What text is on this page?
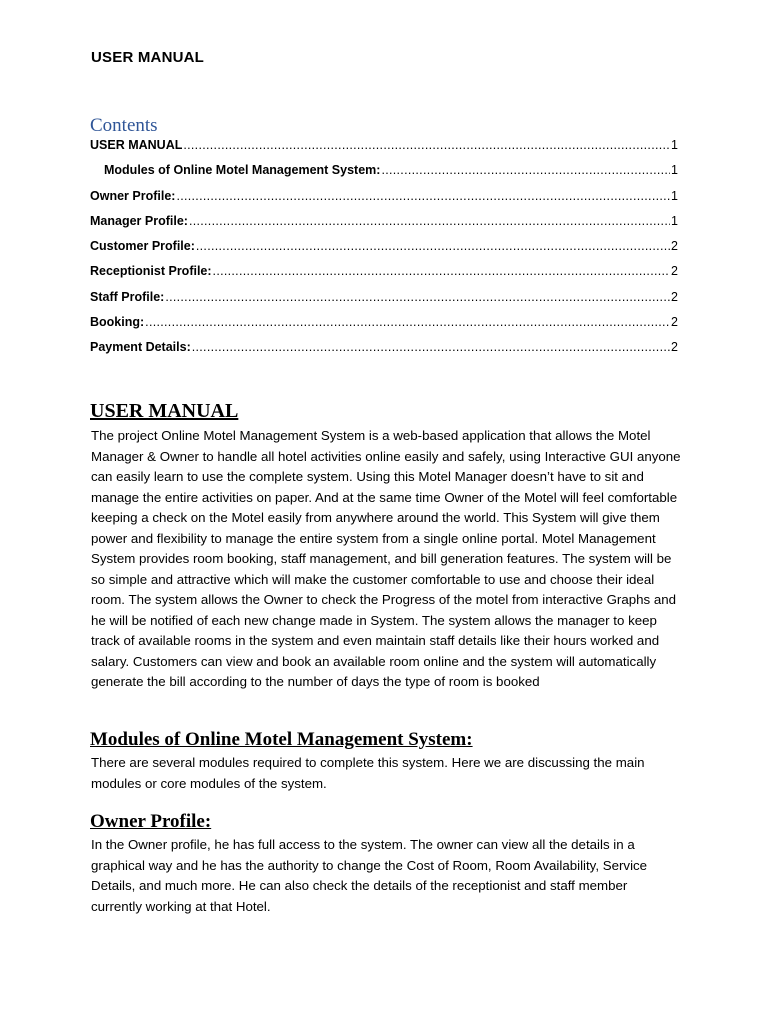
USER MANUAL
Contents
USER MANUAL .....	1
Modules of Online Motel Management System: .....	1
Owner Profile: .....	1
Manager Profile: .....	1
Customer Profile: .....	2
Receptionist Profile: .....	2
Staff Profile: .....	2
Booking: .....	2
Payment Details: .....	2
USER MANUAL

The project Online Motel Management System is a web-based application that allows the Motel Manager & Owner to handle all hotel activities online easily and safely, using Interactive GUI anyone can easily learn to use the complete system. Using this Motel Manager doesn’t have to sit and manage the entire activities on paper. And at the same time Owner of the Motel will feel comfortable keeping a check on the Motel easily from anywhere around the world. This System will give them power and flexibility to manage the entire system from a single online portal. Motel Management System provides room booking, staff management, and bill generation features. The system will be so simple and attractive which will make the customer comfortable to use and choose their ideal room. The system allows the Owner to check the Progress of the motel from interactive Graphs and he will be notified of each new change made in System. The system allows the manager to keep track of available rooms in the system and even maintain staff details like their hours worked and salary. Customers can view and book an available room online and the system will automatically generate the bill according to the number of days the type of room is booked

Modules of Online Motel Management System:

There are several modules required to complete this system. Here we are discussing the main modules or core modules of the system.

Owner Profile:

In the Owner profile, he has full access to the system. The owner can view all the details in a graphical way and he has the authority to change the Cost of Room, Room Availability, Service Details, and much more. He can also check the details of the receptionist and staff member currently working at that Hotel.
